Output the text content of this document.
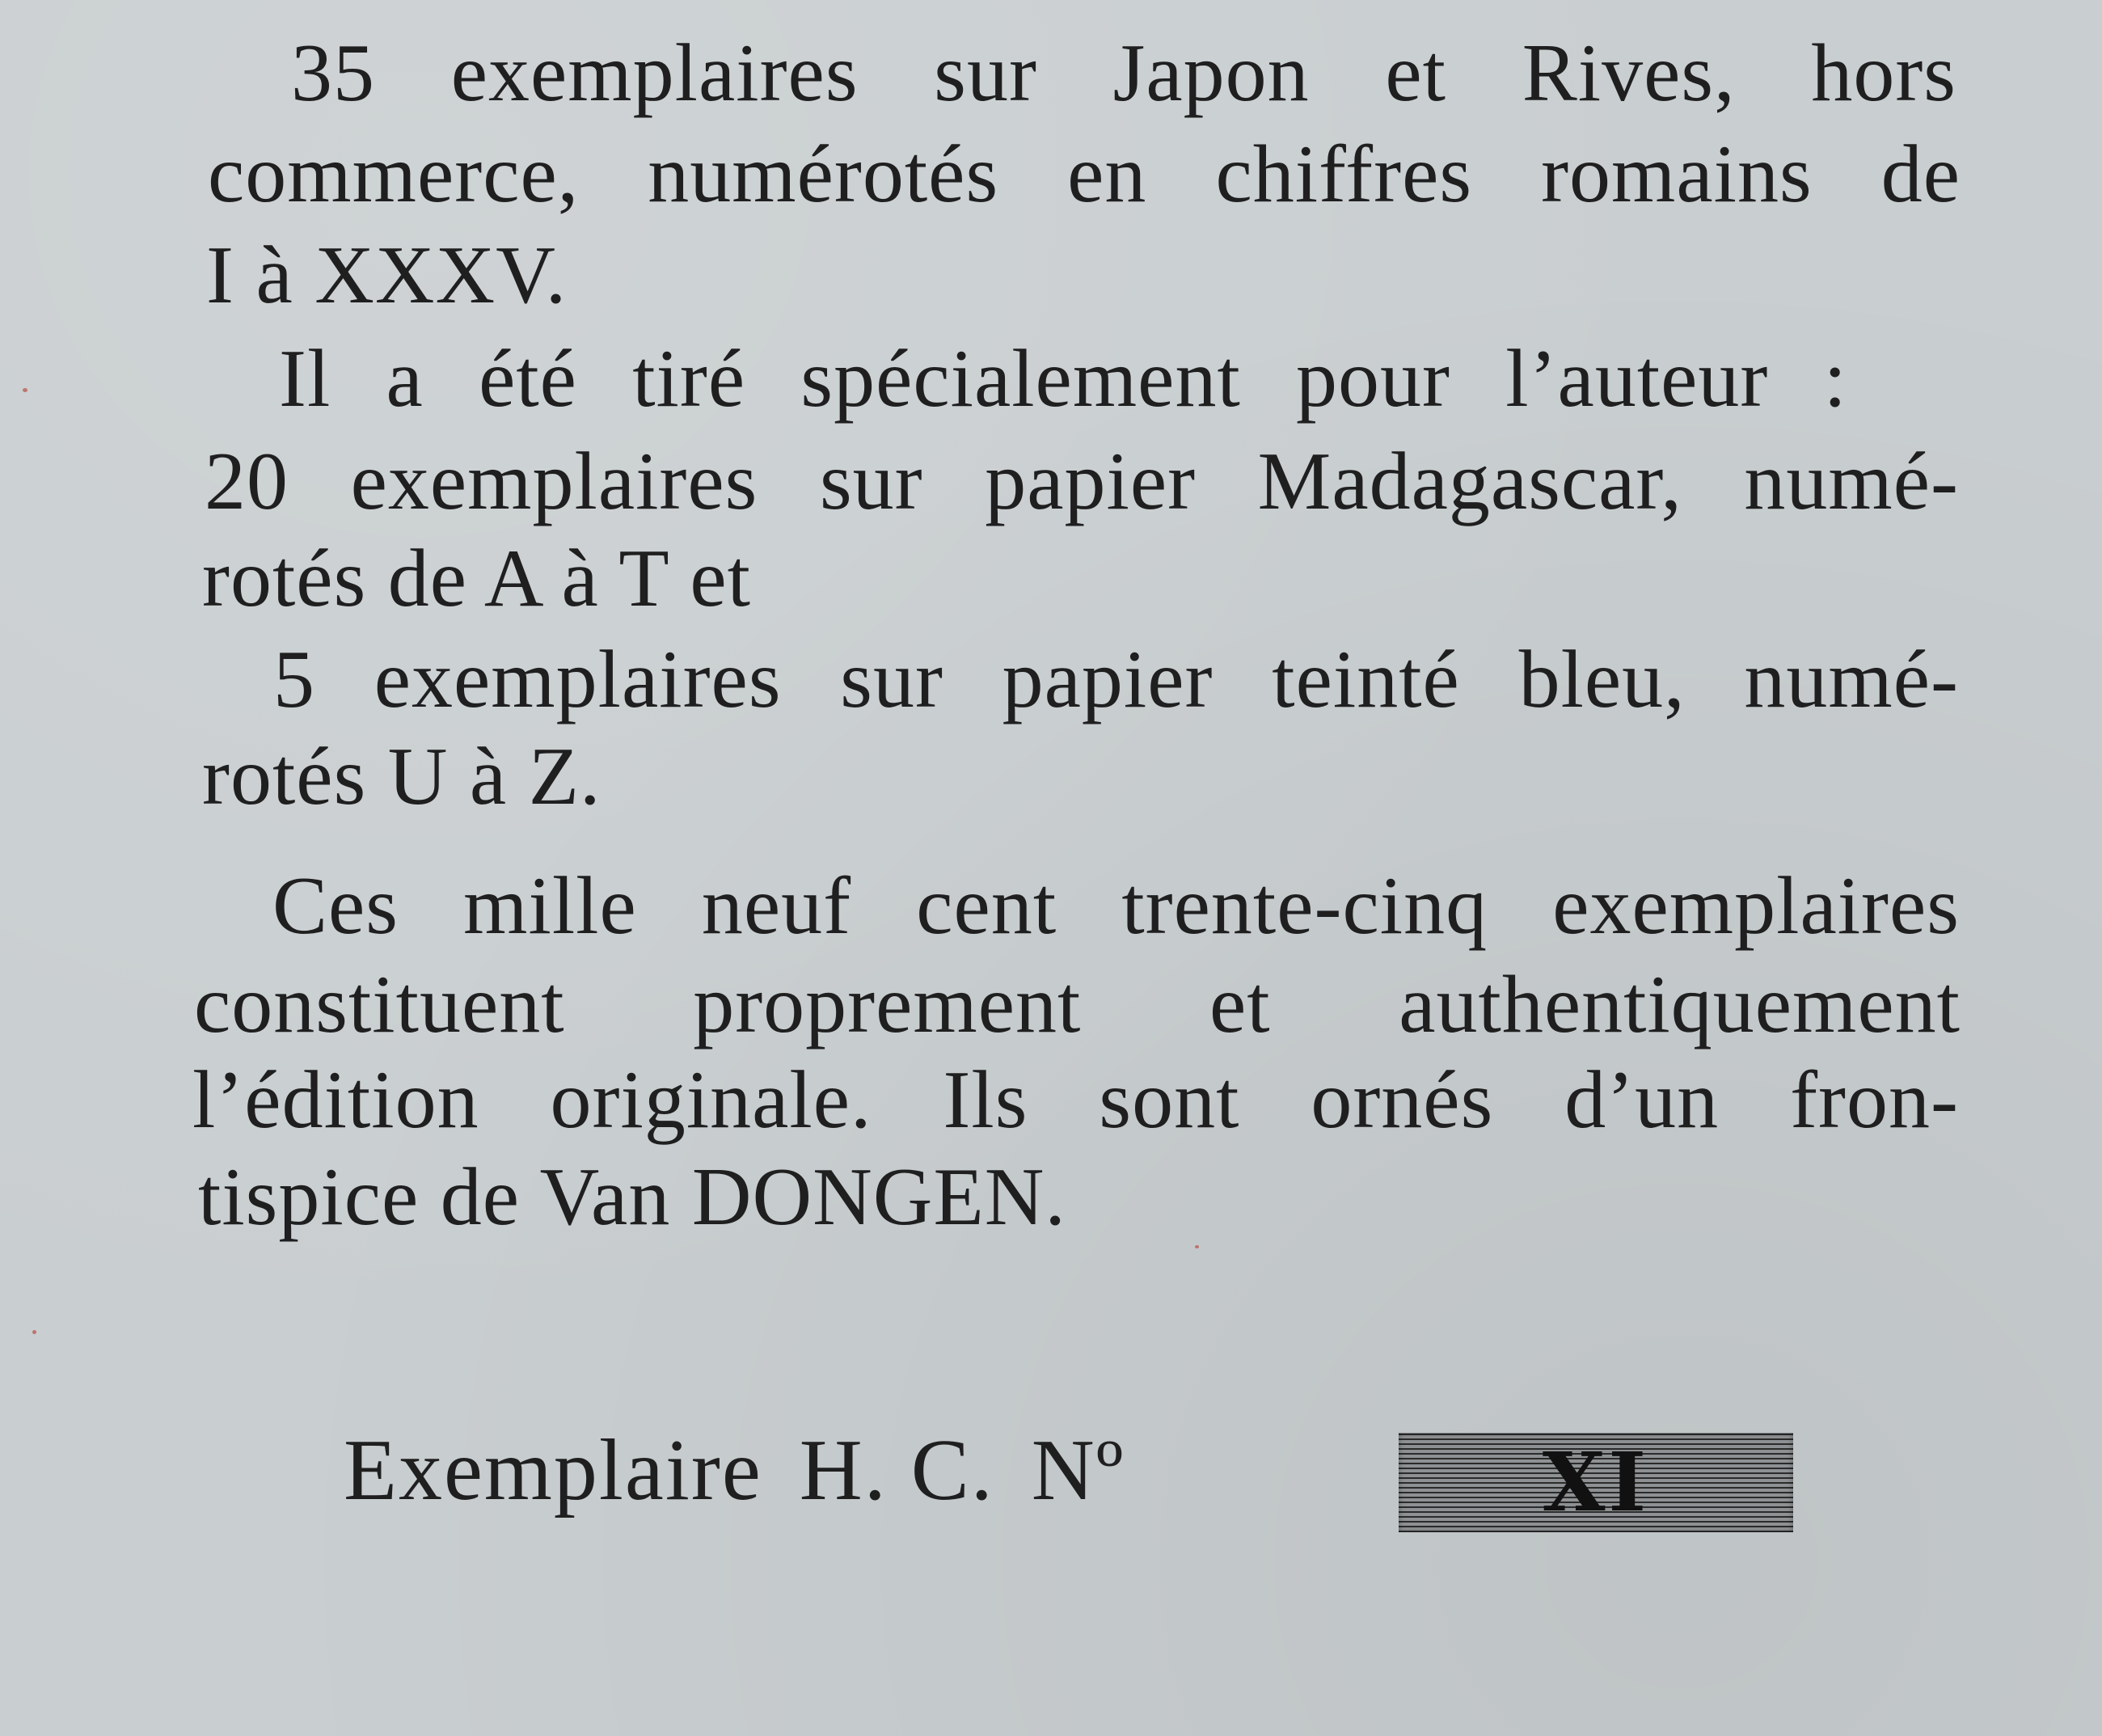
35 exemplaires sur Japon et Rives, hors
commerce, numérotés en chiffres romains de
I à XXXV.
Il a été tiré spécialement pour l’auteur :
20 exemplaires sur papier Madagascar, numé-
rotés de A à T et
5 exemplaires sur papier teinté bleu, numé-
rotés U à Z.
Ces mille neuf cent trente-cinq exemplaires
constituent proprement et authentiquement
l’édition originale. Ils sont ornés d’un fron-
tispice de Van DONGEN.
Exemplaire H. C. Nº	XI
